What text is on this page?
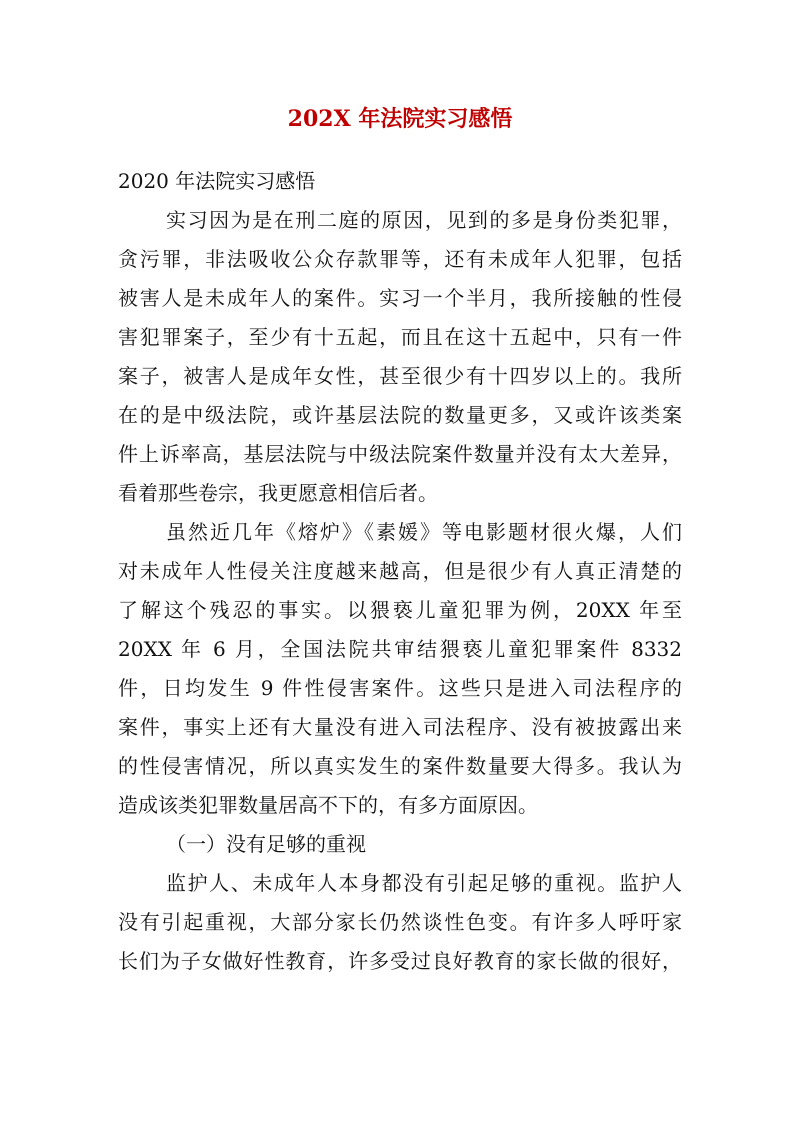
202X 年法院实习感悟

2020 年法院实习感悟

实习因为是在刑二庭的原因，见到的多是身份类犯罪，

贪污罪，非法吸收公众存款罪等，还有未成年人犯罪，包括

被害人是未成年人的案件。实习一个半月，我所接触的性侵

害犯罪案子，至少有十五起，而且在这十五起中，只有一件

案子，被害人是成年女性，甚至很少有十四岁以上的。我所

在的是中级法院，或许基层法院的数量更多，又或许该类案

件上诉率高，基层法院与中级法院案件数量并没有太大差异，

看着那些卷宗，我更愿意相信后者。

虽然近几年《熔炉》《素媛》等电影题材很火爆，人们

对未成年人性侵关注度越来越高，但是很少有人真正清楚的

了解这个残忍的事实。以猥亵儿童犯罪为例，20XX 年至

20XX 年 6 月，全国法院共审结猥亵儿童犯罪案件 8332

件，日均发生 9 件性侵害案件。这些只是进入司法程序的

案件，事实上还有大量没有进入司法程序、没有被披露出来

的性侵害情况，所以真实发生的案件数量要大得多。我认为

造成该类犯罪数量居高不下的，有多方面原因。

（一）没有足够的重视

监护人、未成年人本身都没有引起足够的重视。监护人

没有引起重视，大部分家长仍然谈性色变。有许多人呼吁家

长们为子女做好性教育，许多受过良好教育的家长做的很好，
